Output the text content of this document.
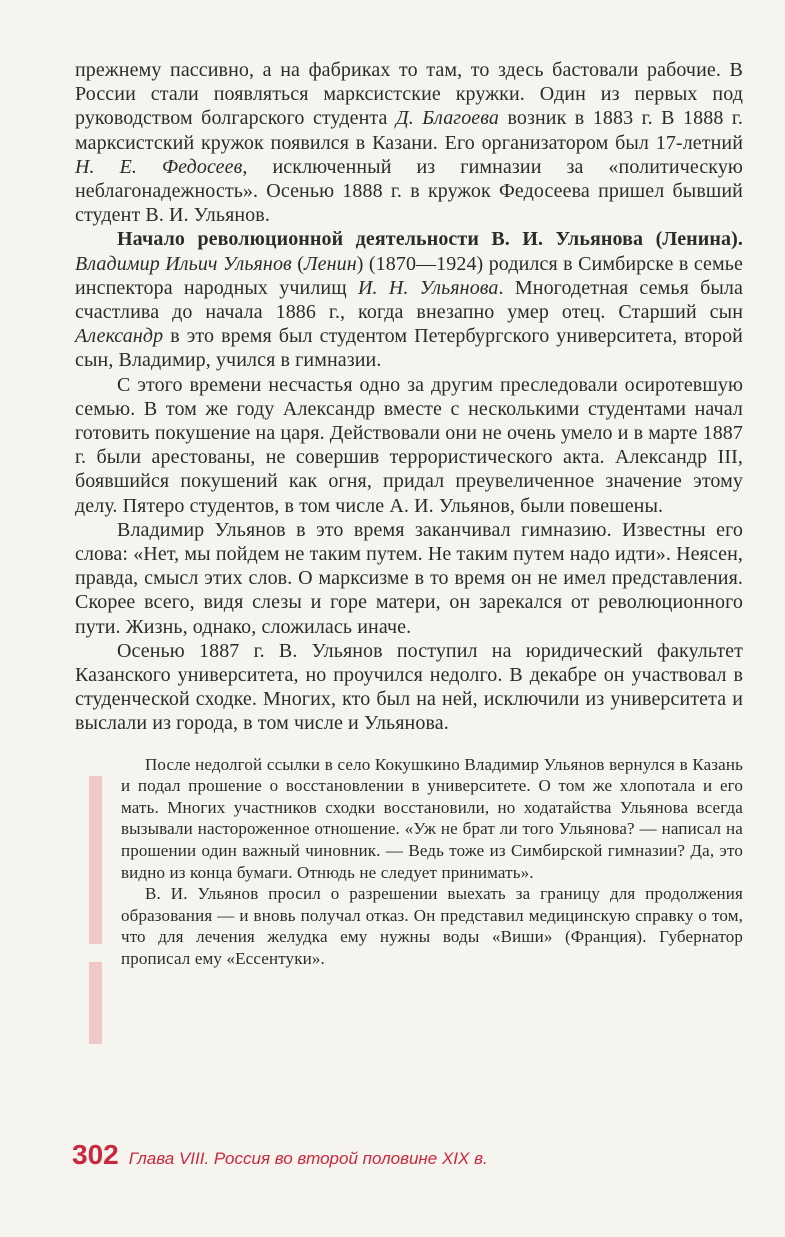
прежнему пассивно, а на фабриках то там, то здесь бастовали рабочие. В России стали появляться марксистские кружки. Один из первых под руководством болгарского студента Д. Благоева возник в 1883 г. В 1888 г. марксистский кружок появился в Казани. Его организатором был 17-летний Н. Е. Федосеев, исключенный из гимназии за «политическую неблагонадежность». Осенью 1888 г. в кружок Федосеева пришел бывший студент В. И. Ульянов.

Начало революционной деятельности В. И. Ульянова (Ленина). Владимир Ильич Ульянов (Ленин) (1870—1924) родился в Симбирске в семье инспектора народных училищ И. Н. Ульянова. Многодетная семья была счастлива до начала 1886 г., когда внезапно умер отец. Старший сын Александр в это время был студентом Петербургского университета, второй сын, Владимир, учился в гимназии.

С этого времени несчастья одно за другим преследовали осиротевшую семью. В том же году Александр вместе с несколькими студентами начал готовить покушение на царя. Действовали они не очень умело и в марте 1887 г. были арестованы, не совершив террористического акта. Александр III, боявшийся покушений как огня, придал преувеличенное значение этому делу. Пятеро студентов, в том числе А. И. Ульянов, были повешены.

Владимир Ульянов в это время заканчивал гимназию. Известны его слова: «Нет, мы пойдем не таким путем. Не таким путем надо идти». Неясен, правда, смысл этих слов. О марксизме в то время он не имел представления. Скорее всего, видя слезы и горе матери, он зарекался от революционного пути. Жизнь, однако, сложилась иначе.

Осенью 1887 г. В. Ульянов поступил на юридический факультет Казанского университета, но проучился недолго. В декабре он участвовал в студенческой сходке. Многих, кто был на ней, исключили из университета и выслали из города, в том числе и Ульянова.

После недолгой ссылки в село Кокушкино Владимир Ульянов вернулся в Казань и подал прошение о восстановлении в университете. О том же хлопотала и его мать. Многих участников сходки восстановили, но ходатайства Ульянова всегда вызывали настороженное отношение. «Уж не брат ли того Ульянова? — написал на прошении один важный чиновник. — Ведь тоже из Симбирской гимназии? Да, это видно из конца бумаги. Отнюдь не следует принимать».

В. И. Ульянов просил о разрешении выехать за границу для продолжения образования — и вновь получал отказ. Он представил медицинскую справку о том, что для лечения желудка ему нужны воды «Виши» (Франция). Губернатор прописал ему «Ессентуки».

302 Глава VIII. Россия во второй половине XIX в.
